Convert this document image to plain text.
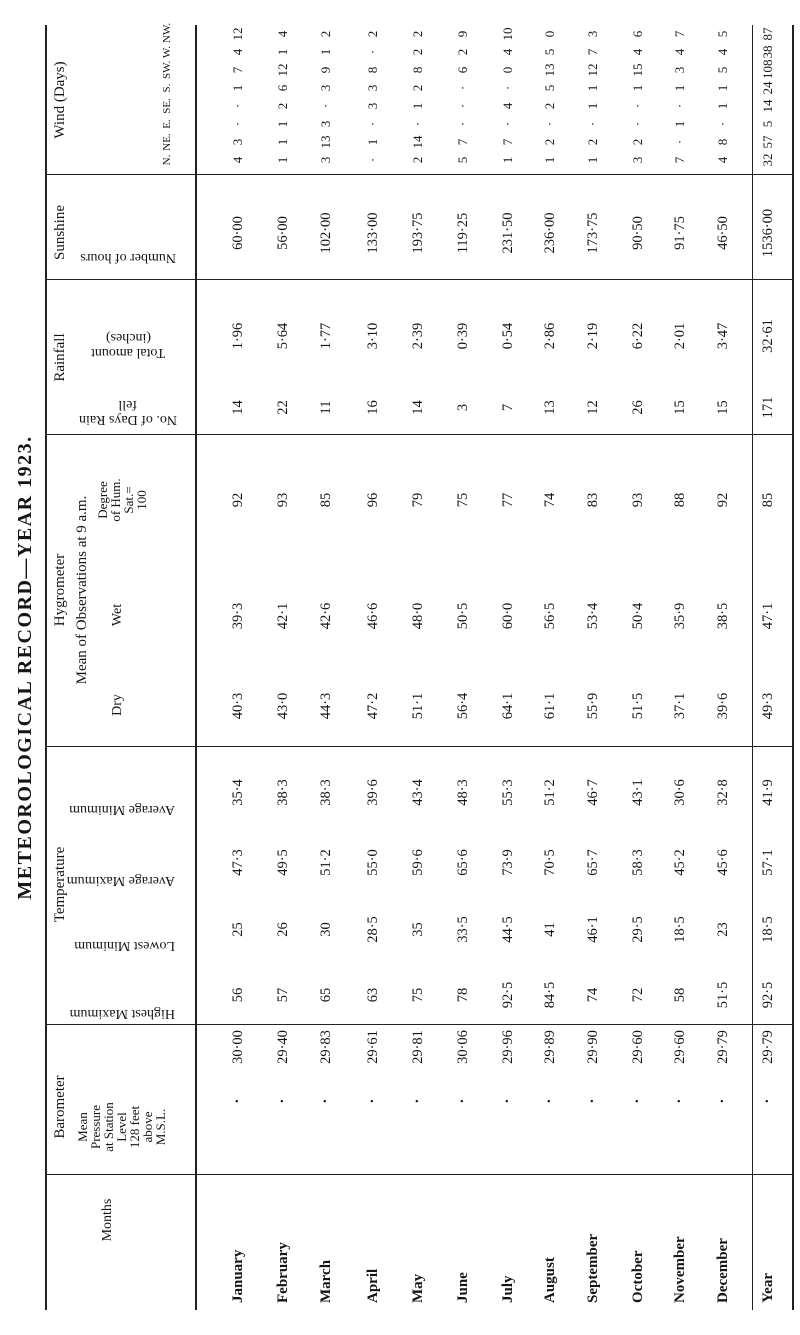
METEOROLOGICAL RECORD—YEAR 1923.
Barometer
Temperature
Hygrometer Mean of Observations at 9 a.m.
Rainfall
Sunshine
Wind (Days)
Months
Mean
Pressure
at Station
Level
128 feet
above
M.S.L.
Highest Maximum
Lowest Minimum
Average Maximum
Average Minimum
Dry
Wet
Degree
of Hum.
Sat.=
100
No. of Days Rain fell
Total amount (inches)
Number of hours
N.
NE.
E.
SE.
S.
SW.
W.
NW.
January
.
30·00
56
25
47·3
35·4
40·3
39·3
92
14
1·96
60·00
4
3
·
·
1
7
4
12
February
.
29·40
57
26
49·5
38·3
43·0
42·1
93
22
5·64
56·00
1
1
1
2
6
12
1
4
March
.
29·83
65
30
51·2
38·3
44·3
42·6
85
11
1·77
102·00
3
13
3
·
3
9
1
2
April
.
29·61
63
28·5
55·0
39·6
47·2
46·6
96
16
3·10
133·00
·
1
·
3
3
8
·
2
May
.
29·81
75
35
59·6
43·4
51·1
48·0
79
14
2·39
193·75
2
14
·
1
2
8
2
2
June
.
30·06
78
33·5
65·6
48·3
56·4
50·5
75
3
0·39
119·25
5
7
·
·
·
6
2
9
July
.
29·96
92·5
44·5
73·9
55·3
64·1
60·0
77
7
0·54
231·50
1
7
·
4
·
0
4
10
August
.
29·89
84·5
41
70·5
51·2
61·1
56·5
74
13
2·86
236·00
1
2
·
2
5
13
5
0
September
.
29·90
74
46·1
65·7
46·7
55·9
53·4
83
12
2·19
173·75
1
2
·
1
1
12
7
3
October
.
29·60
72
29·5
58·3
43·1
51·5
50·4
93
26
6·22
90·50
3
2
·
·
1
15
4
6
November
.
29·60
58
18·5
45·2
30·6
37·1
35·9
88
15
2·01
91·75
7
·
1
·
1
3
4
7
December
.
29·79
51·5
23
45·6
32·8
39·6
38·5
92
15
3·47
46·50
4
8
·
1
1
5
4
5
Year
.
29·79
92·5
18·5
57·1
41·9
49·3
47·1
85
171
32·61
1536·00
32
57
5
14
24
108
38
87
